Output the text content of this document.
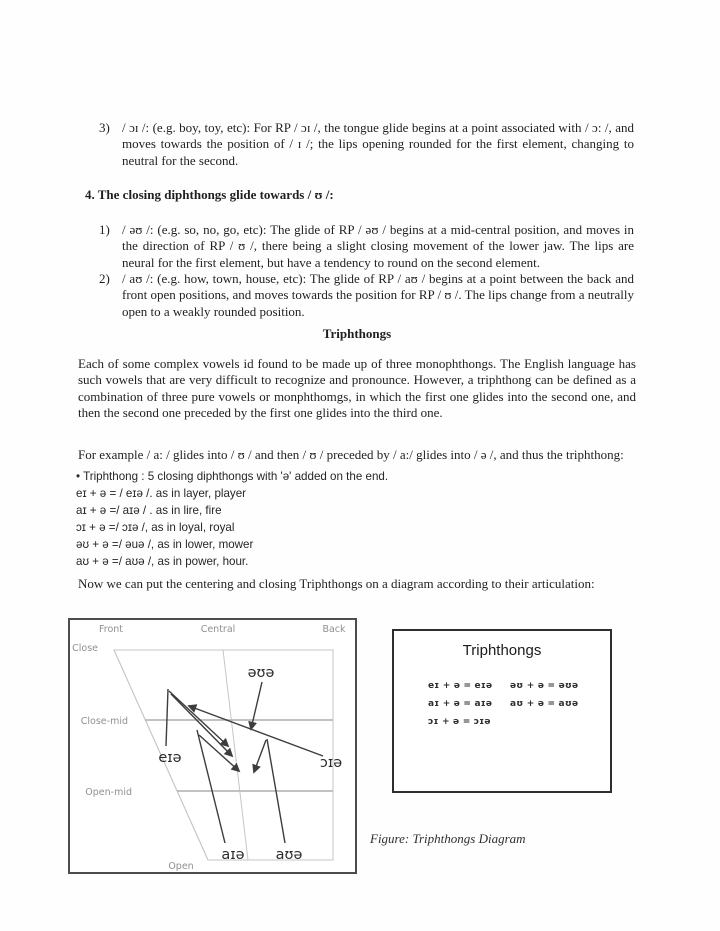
3) / ɔɪ /: (e.g. boy, toy, etc): For RP / ɔɪ /, the tongue glide begins at a point associated with / ɔ: /, and moves towards the position of / ɪ /; the lips opening rounded for the first element, changing to neutral for the second.
4. The closing diphthongs glide towards / ʊ /:
1) / əʊ /: (e.g. so, no, go, etc): The glide of RP / əʊ / begins at a mid-central position, and moves in the direction of RP / ʊ /, there being a slight closing movement of the lower jaw. The lips are neural for the first element, but have a tendency to round on the second element.
2) / aʊ /: (e.g. how, town, house, etc): The glide of RP / aʊ / begins at a point between the back and front open positions, and moves towards the position for RP / ʊ /. The lips change from a neutrally open to a weakly rounded position.
Triphthongs
Each of some complex vowels id found to be made up of three monophthongs. The English language has such vowels that are very difficult to recognize and pronounce. However, a triphthong can be defined as a combination of three pure vowels or monphthomgs, in which the first one glides into the second one, and then the second one preceded by the first one glides into the third one.
For example / a: / glides into / ʊ / and then / ʊ / preceded by / a:/ glides into / ə /, and thus the triphthong:
• Triphthong : 5 closing diphthongs with 'ə' added on the end.
eɪ + ə = / eɪə /. as in layer, player
aɪ + ə =/ aɪə / . as in lire, fire
ɔɪ + ə =/ ɔɪə /, as in loyal, royal
əʊ + ə =/ əuə /, as in lower, mower
aʊ + ə =/ aʊə /, as in power, hour.
Now we can put the centering and closing Triphthongs on a diagram according to their articulation:
Front	Central	Back
Close
Close-mid
Open-mid
Open
əʊə
eɪə	ɔɪə
aɪə aʊə
Triphthongs
eɪ + ə = eɪə
aɪ + ə = aɪə
ɔɪ + ə = ɔɪə
əʊ + ə = əʊə
aʊ + ə = aʊə
Figure: Triphthongs Diagram
